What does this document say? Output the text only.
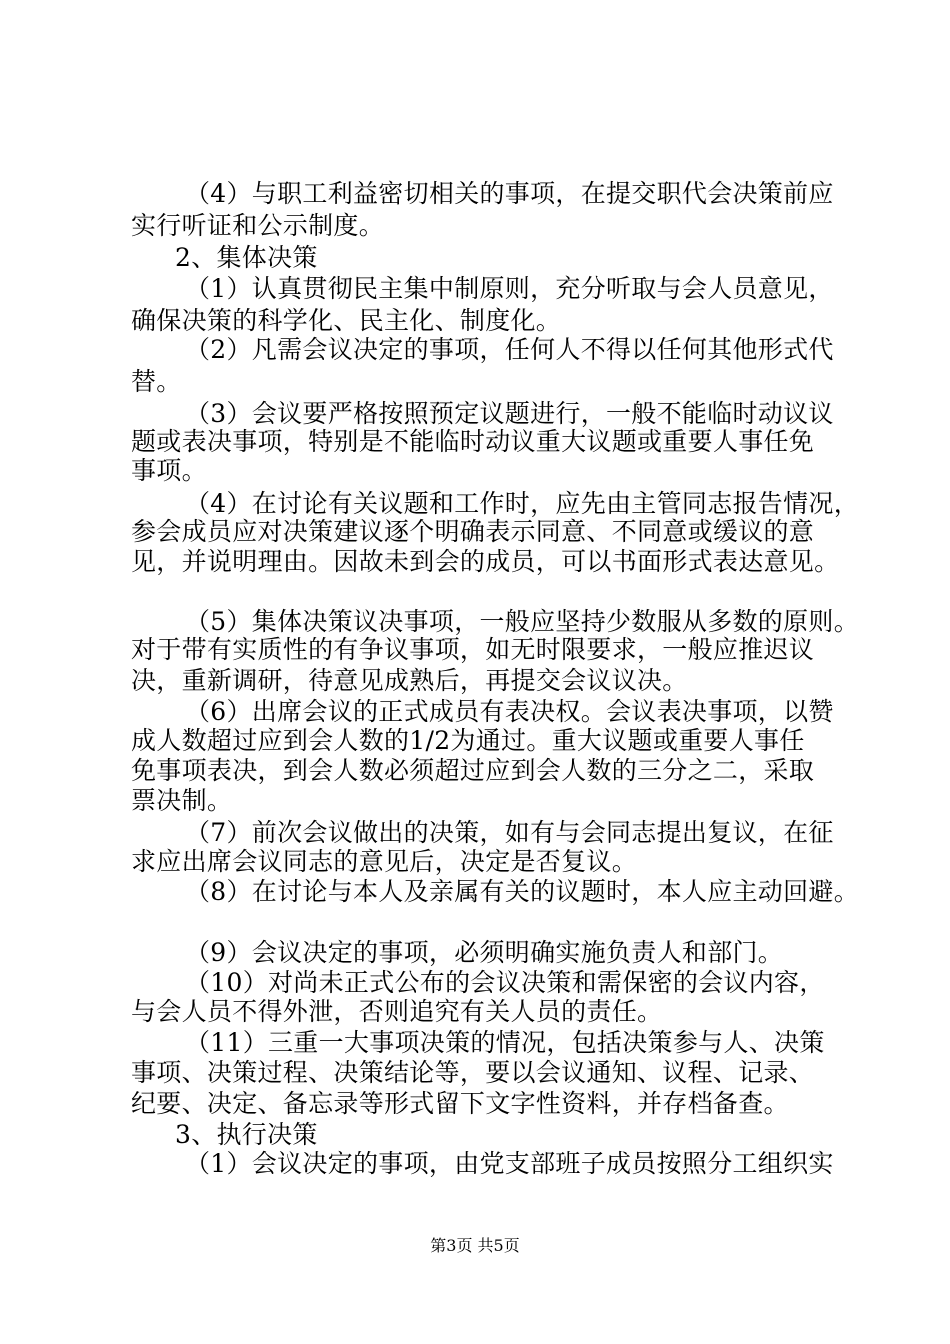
（4）与职工利益密切相关的事项，在提交职代会决策前应
实行听证和公示制度。
2、集体决策
（1）认真贯彻民主集中制原则，充分听取与会人员意见，
确保决策的科学化、民主化、制度化。
（2）凡需会议决定的事项，任何人不得以任何其他形式代
替。
（3）会议要严格按照预定议题进行，一般不能临时动议议
题或表决事项，特别是不能临时动议重大议题或重要人事任免
事项。
（4）在讨论有关议题和工作时，应先由主管同志报告情况，
参会成员应对决策建议逐个明确表示同意、不同意或缓议的意
见，并说明理由。因故未到会的成员，可以书面形式表达意见。
（5）集体决策议决事项，一般应坚持少数服从多数的原则。
对于带有实质性的有争议事项，如无时限要求，一般应推迟议
决，重新调研，待意见成熟后，再提交会议议决。
（6）出席会议的正式成员有表决权。会议表决事项，以赞
成人数超过应到会人数的1/2为通过。重大议题或重要人事任
免事项表决，到会人数必须超过应到会人数的三分之二，采取
票决制。
（7）前次会议做出的决策，如有与会同志提出复议，在征
求应出席会议同志的意见后，决定是否复议。
（8）在讨论与本人及亲属有关的议题时，本人应主动回避。
（9）会议决定的事项，必须明确实施负责人和部门。
（10）对尚未正式公布的会议决策和需保密的会议内容，
与会人员不得外泄，否则追究有关人员的责任。
（11）三重一大事项决策的情况，包括决策参与人、决策
事项、决策过程、决策结论等，要以会议通知、议程、记录、
纪要、决定、备忘录等形式留下文字性资料，并存档备查。
3、执行决策
（1）会议决定的事项，由党支部班子成员按照分工组织实
第3页 共5页
